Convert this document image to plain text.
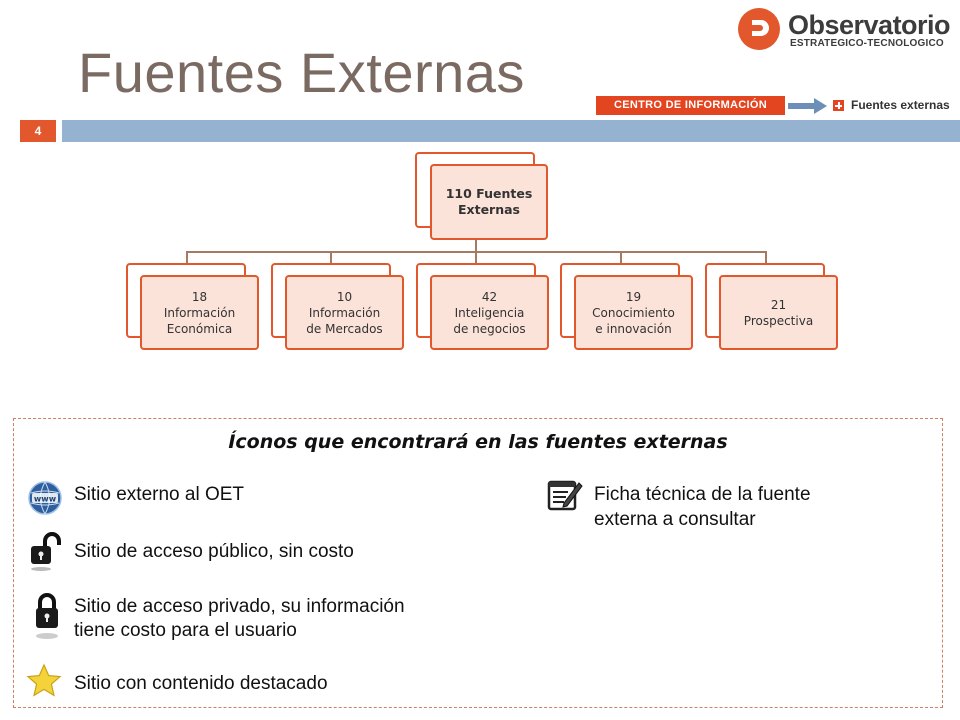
Fuentes Externas
Observatorio
ESTRATEGICO-TECNOLOGICO
CENTRO DE INFORMACIÓN	Fuentes externas
4
110 Fuentes
Externas
18
Información
Económica
10
Información
de Mercados
42
Inteligencia
de negocios
19
Conocimiento
e innovación
21
Prospectiva
Íconos que encontrará en las fuentes externas
www Sitio externo al OET
Sitio de acceso público, sin costo
Sitio de acceso privado, su información
tiene costo para el usuario
Sitio con contenido destacado
Ficha técnica de la fuente
externa a consultar
